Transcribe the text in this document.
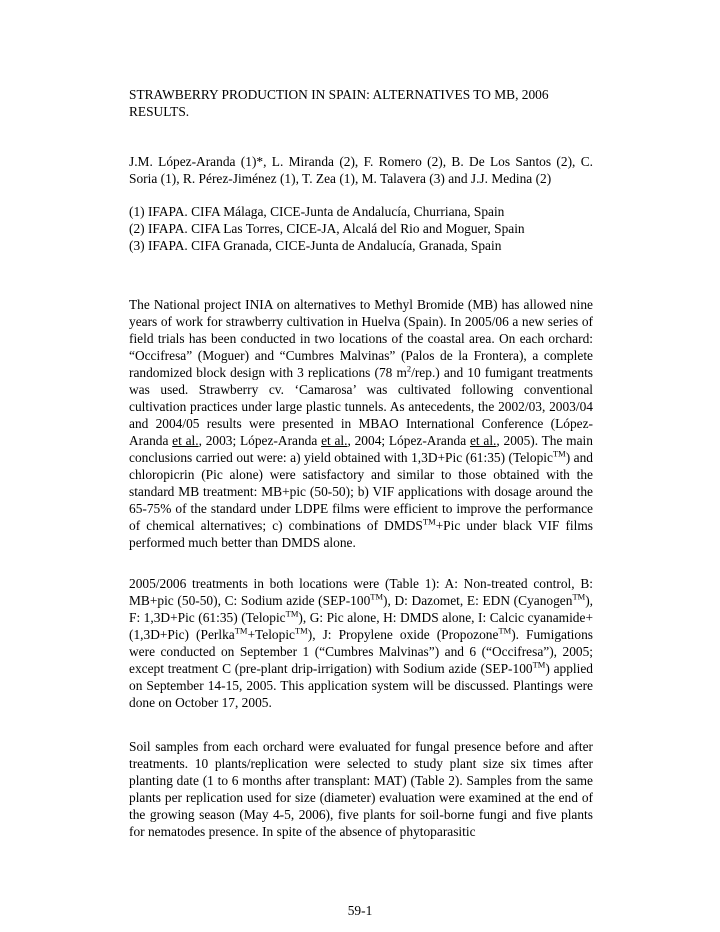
STRAWBERRY PRODUCTION IN SPAIN: ALTERNATIVES TO MB, 2006 RESULTS.

J.M. López-Aranda (1)*, L. Miranda (2), F. Romero (2), B. De Los Santos (2), C. Soria (1), R. Pérez-Jiménez (1), T. Zea (1), M. Talavera (3) and J.J. Medina (2)

(1) IFAPA. CIFA Málaga, CICE-Junta de Andalucía, Churriana, Spain
(2) IFAPA. CIFA Las Torres, CICE-JA, Alcalá del Rio and Moguer, Spain
(3) IFAPA. CIFA Granada, CICE-Junta de Andalucía, Granada, Spain

The National project INIA on alternatives to Methyl Bromide (MB) has allowed nine years of work for strawberry cultivation in Huelva (Spain). In 2005/06 a new series of field trials has been conducted in two locations of the coastal area. On each orchard: “Occifresa” (Moguer) and “Cumbres Malvinas” (Palos de la Frontera), a complete randomized block design with 3 replications (78 $m^2/rep$.) and 10 fumigant treatments was used. Strawberry cv. ‘Camarosa’ was cultivated following conventional cultivation practices under large plastic tunnels. As antecedents, the 2002/03, 2003/04 and 2004/05 results were presented in MBAO International Conference (López-Aranda et al., 2003; López-Aranda et al., 2004; López-Aranda et al., 2005). The main conclusions carried out were: a) yield obtained with 1,3D+Pic (61:35) (Telopic™) and chloropicrin (Pic alone) were satisfactory and similar to those obtained with the standard MB treatment: MB+pic (50-50); b) VIF applications with dosage around the 65-75% of the standard under LDPE films were efficient to improve the performance of chemical alternatives; c) combinations of DMDS™+Pic under black VIF films performed much better than DMDS alone.

2005/2006 treatments in both locations were (Table 1): A: Non-treated control, B: MB+pic (50-50), C: Sodium azide (SEP-100™), D: Dazomet, E: EDN (Cyanogen™), F: 1,3D+Pic (61:35) (Telopic™), G: Pic alone, H: DMDS alone, I: Calcic cyanamide+(1,3D+Pic) (Perlka™+Telopic™), J: Propylene oxide (Propozone™). Fumigations were conducted on September 1 (“Cumbres Malvinas”) and 6 (“Occifresa”), 2005; except treatment C (pre-plant drip-irrigation) with Sodium azide (SEP-100™) applied on September 14-15, 2005. This application system will be discussed. Plantings were done on October 17, 2005.

Soil samples from each orchard were evaluated for fungal presence before and after treatments. 10 plants/replication were selected to study plant size six times after planting date (1 to 6 months after transplant: MAT) (Table 2). Samples from the same plants per replication used for size (diameter) evaluation were examined at the end of the growing season (May 4-5, 2006), five plants for soil-borne fungi and five plants for nematodes presence. In spite of the absence of phytoparasitic

59-1
